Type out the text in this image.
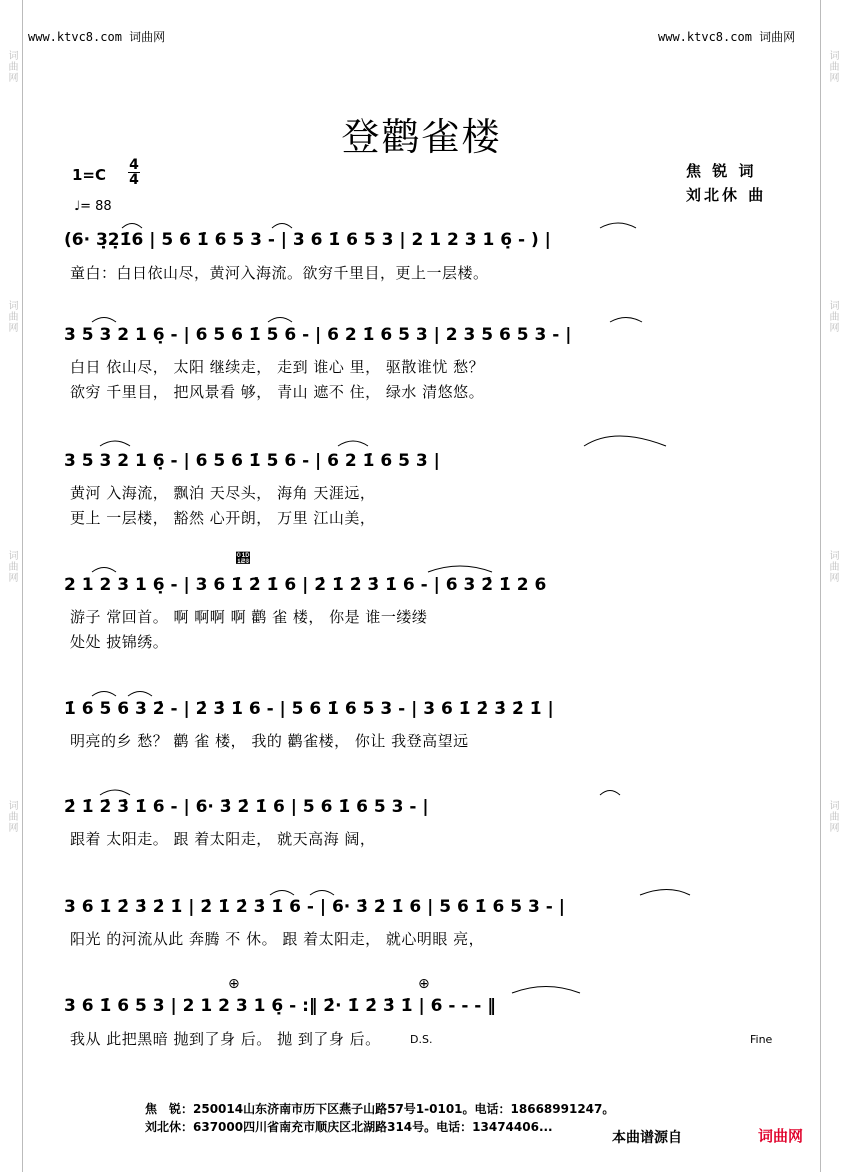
词曲网
词曲网
词曲网
词曲网
词曲网
词曲网
词曲网
词曲网
www.ktvc8.com 词曲网	www.ktvc8.com 词曲网
登鹳雀楼
1=C
4
4
♩= 88
焦 锐 词
刘北休 曲
(6· 3̣2̣1̇6 | 5 6 1̇ 6 5 3 - | 3 6 1̇ 6 5 3 | 2 1 2 3 1 6̣ - ) |
童白：白日依山尽，黄河入海流。欲穷千里目，更上一层楼。
3 5 3 2 1 6̣ - | 6 5 6 1̇ 5 6 - | 6 2 1̇ 6 5 3 | 2 3 5 6 5 3 - |
白日 依山尽， 太阳 继续走， 走到 谁心 里， 驱散谁忧 愁？
欲穷 千里目， 把风景看 够， 青山 遮不 住， 绿水 清悠悠。
3 5 3 2 1 6̣ - | 6 5 6 1̇ 5 6 - | 6 2 1̇ 6 5 3 |
黄河 入海流， 飘泊 天尽头， 海角 天涯远，
更上 一层楼， 豁然 心开朗， 万里 江山美，
𝄨
2 1 2 3 1 6̣ - | 3 6 1̇ 2̇ 1̇ 6 | 2̇ 1̇ 2̇ 3̇ 1̇ 6 - | 6 3 2̇ 1̇ 2 6
游子 常回首。 啊 啊啊 啊 鹳 雀 楼， 你是 谁一缕缕
处处 披锦绣。
1̇ 6 5 6 3 2̇ - | 2̇ 3̇ 1̇ 6 - | 5 6 1̇ 6 5 3 - | 3 6 1̇ 2̇ 3̇ 2̇ 1̇ |
明亮的乡 愁？ 鹳 雀 楼， 我的 鹳雀楼， 你让 我登高望远
2̇ 1̇ 2̇ 3̇ 1̇ 6 - | 6· 3̇ 2̇ 1̇ 6 | 5 6 1̇ 6 5 3 - |
跟着 太阳走。 跟 着太阳走， 就天高海 阔，
3 6 1̇ 2̇ 3̇ 2̇ 1̇ | 2̇ 1̇ 2̇ 3̇ 1̇ 6 - | 6· 3̇ 2̇ 1̇ 6 | 5 6 1̇ 6 5 3 - |
阳光 的河流从此 奔腾 不 休。 跟 着太阳走， 就心明眼 亮，
⊕	⊕
3 6 1̇ 6 5 3 | 2 1 2 3 1 6̣ - :‖ 2̇· 1̇ 2̇ 3̇ 1̇ | 6 - - - ‖
我从 此把黑暗 抛到了身 后。 抛 到了身 后。	D.S.	Fine
焦　锐：250014山东济南市历下区燕子山路57号1-0101。电话：18668991247。
刘北休：637000四川省南充市顺庆区北湖路314号。电话：13474406...
本曲谱源自	词曲网
